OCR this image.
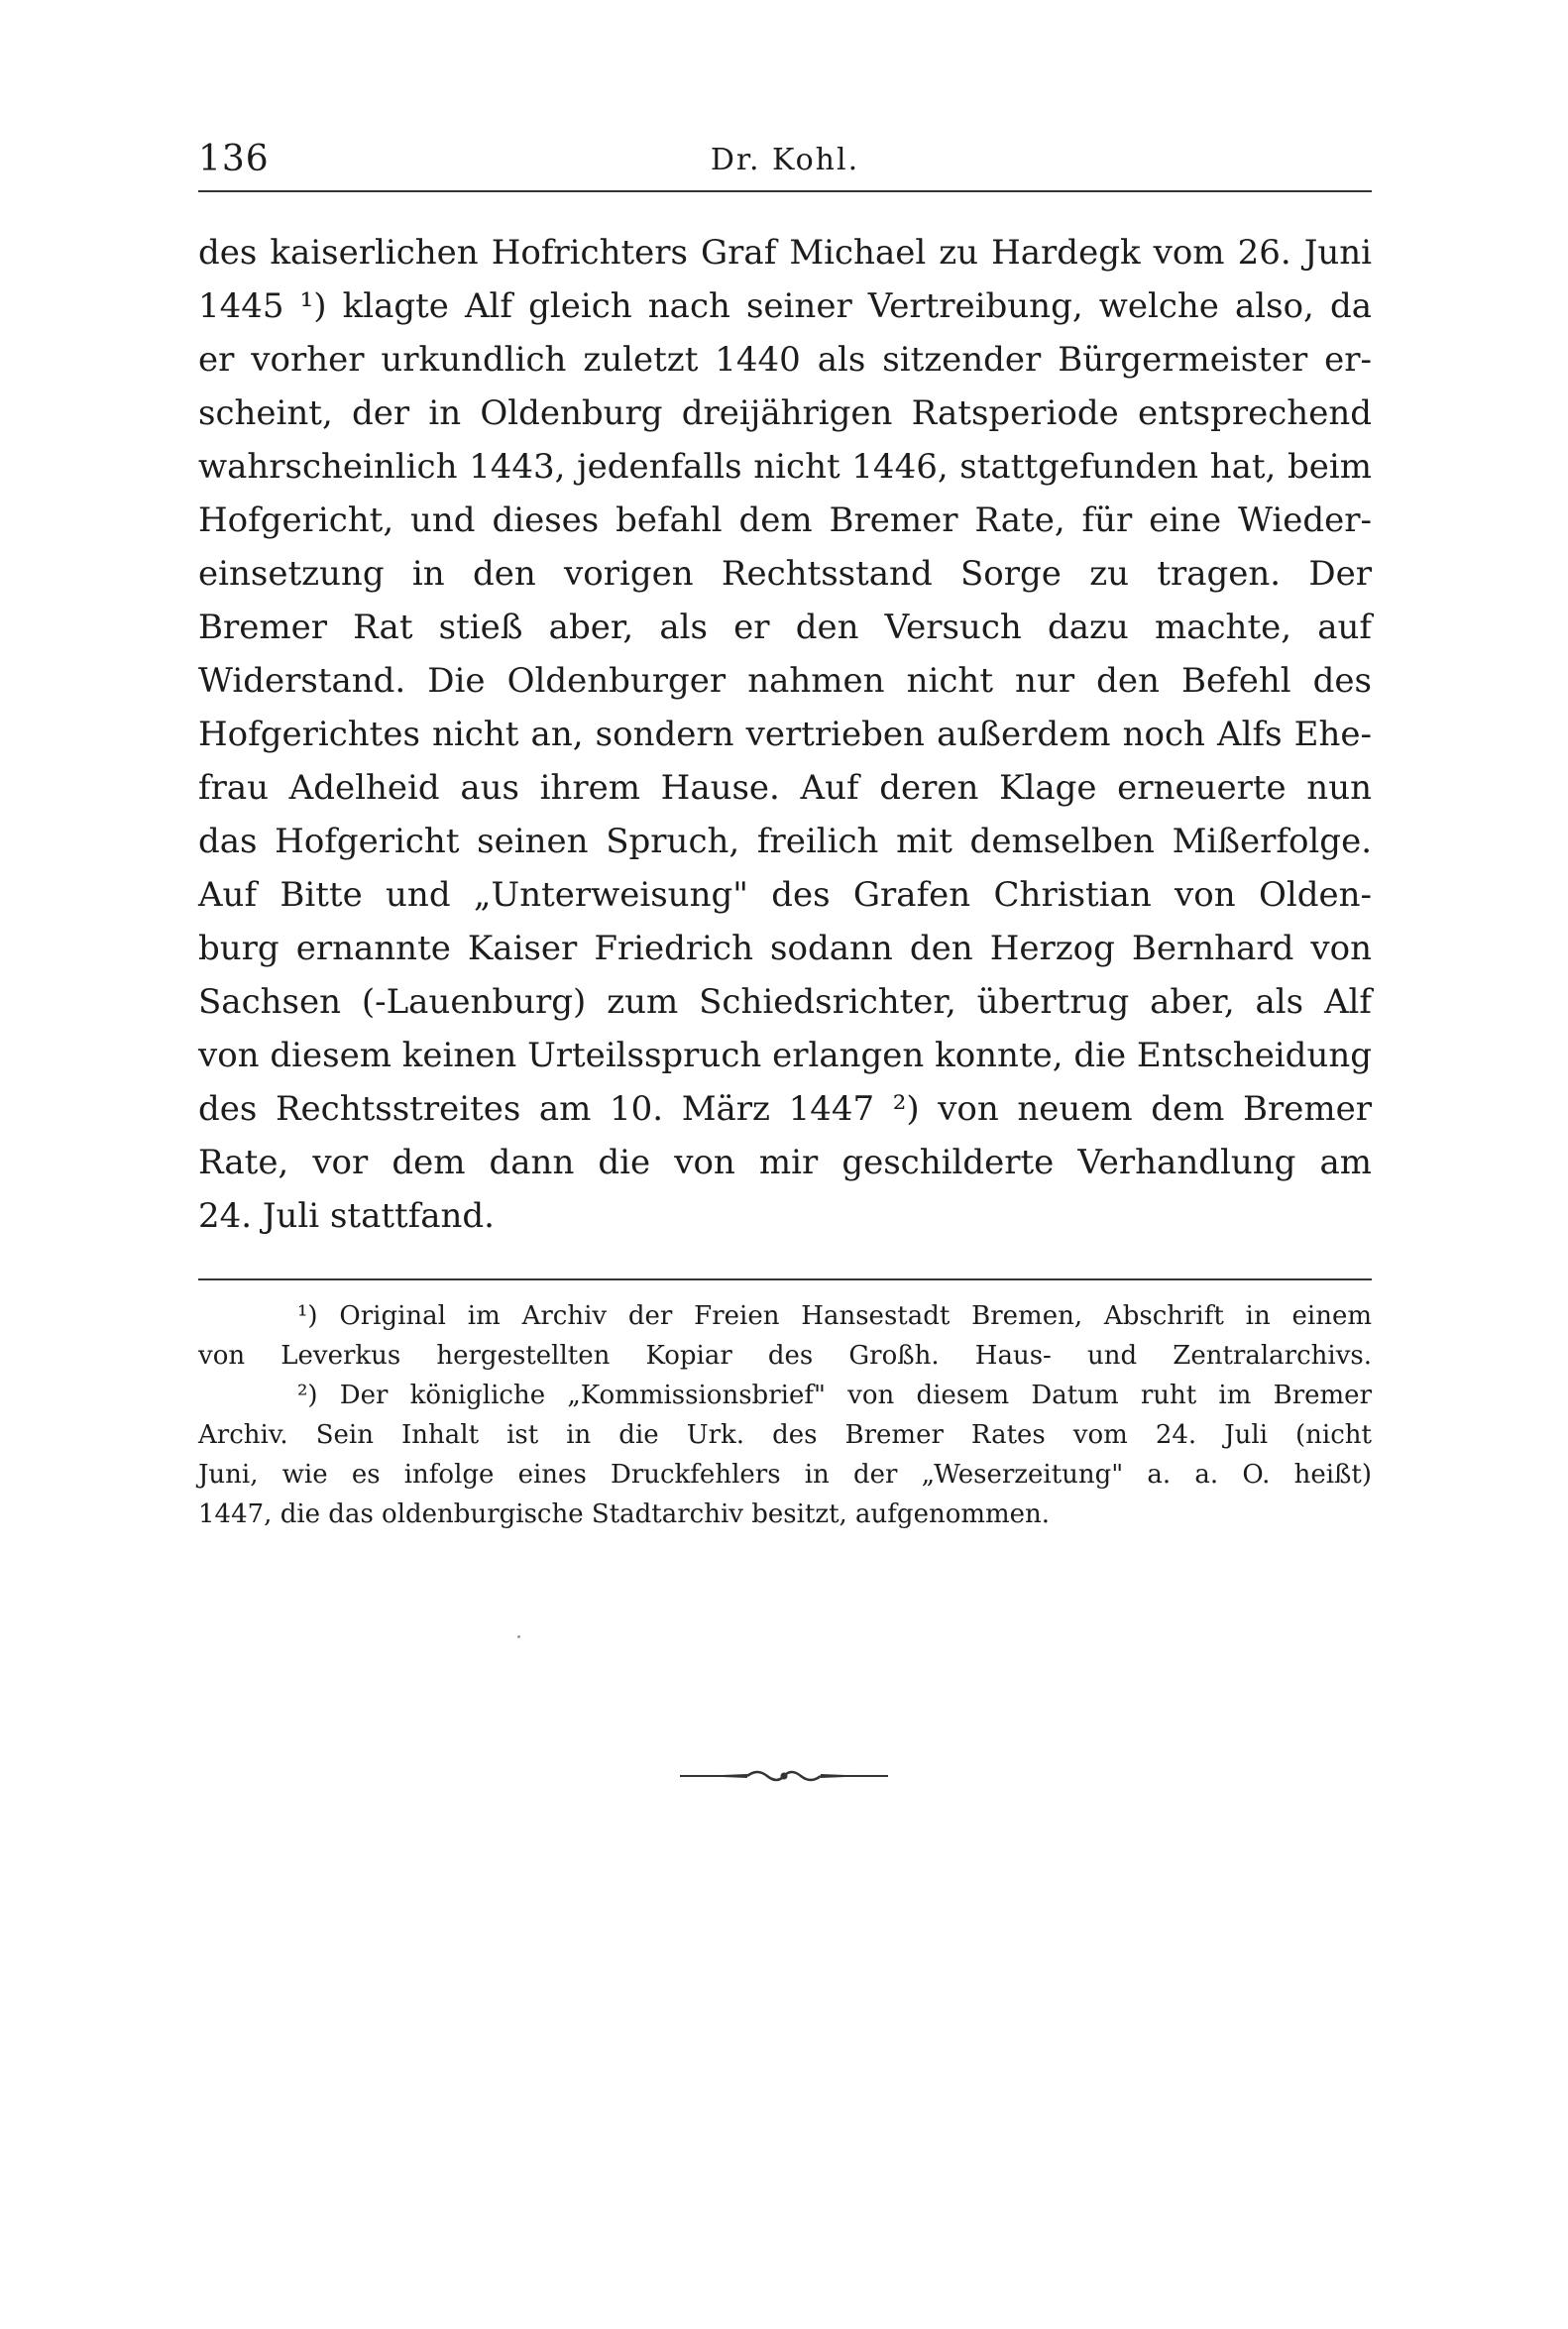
136	Dr. Kohl.
des kaiserlichen Hofrichters Graf Michael zu Hardegk vom 26. Juni
1445 ¹) klagte Alf gleich nach seiner Vertreibung, welche also, da
er vorher urkundlich zuletzt 1440 als sitzender Bürgermeister er-
scheint, der in Oldenburg dreijährigen Ratsperiode entsprechend
wahrscheinlich 1443, jedenfalls nicht 1446, stattgefunden hat, beim
Hofgericht, und dieses befahl dem Bremer Rate, für eine Wieder-
einsetzung in den vorigen Rechtsstand Sorge zu tragen. Der
Bremer Rat stieß aber, als er den Versuch dazu machte, auf
Widerstand. Die Oldenburger nahmen nicht nur den Befehl des
Hofgerichtes nicht an, sondern vertrieben außerdem noch Alfs Ehe-
frau Adelheid aus ihrem Hause. Auf deren Klage erneuerte nun
das Hofgericht seinen Spruch, freilich mit demselben Mißerfolge.
Auf Bitte und „Unterweisung" des Grafen Christian von Olden-
burg ernannte Kaiser Friedrich sodann den Herzog Bernhard von
Sachsen (-Lauenburg) zum Schiedsrichter, übertrug aber, als Alf
von diesem keinen Urteilsspruch erlangen konnte, die Entscheidung
des Rechtsstreites am 10. März 1447 ²) von neuem dem Bremer
Rate, vor dem dann die von mir geschilderte Verhandlung am
24. Juli stattfand.
¹) Original im Archiv der Freien Hansestadt Bremen, Abschrift in einem
von Leverkus hergestellten Kopiar des Großh. Haus- und Zentralarchivs.
²) Der königliche „Kommissionsbrief" von diesem Datum ruht im Bremer
Archiv. Sein Inhalt ist in die Urk. des Bremer Rates vom 24. Juli (nicht
Juni, wie es infolge eines Druckfehlers in der „Weserzeitung" a. a. O. heißt)
1447, die das oldenburgische Stadtarchiv besitzt, aufgenommen.
